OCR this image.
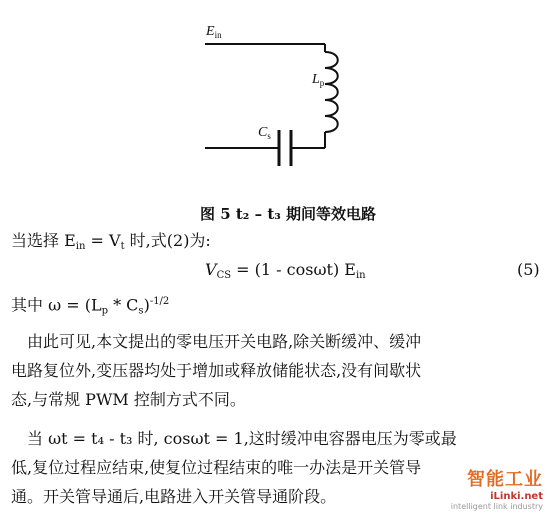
$E_{in}$
$L_p$
$C_s$
图 5 t₂ – t₃ 期间等效电路
当选择 $E_{in} = V_t$ 时,式(2)为:
$V_{CS} = (1 - \cos\omega t)$ $E_{in}$	(5)
其中 $\omega = (L_p * C_s)^{-1/2}$
　由此可见,本文提出的零电压开关电路,除关断缓冲、缓冲
电路复位外,变压器均处于增加或释放储能状态,没有间歇状
态,与常规 PWM 控制方式不同。
　当 ωt = t₄ - t₃ 时, cosωt = 1,这时缓冲电容器电压为零或最
低,复位过程应结束,使复位过程结束的唯一办法是开关管导
通。开关管导通后,电路进入开关管导通阶段。
智能工业
iLinki.net
intelligent link industry
